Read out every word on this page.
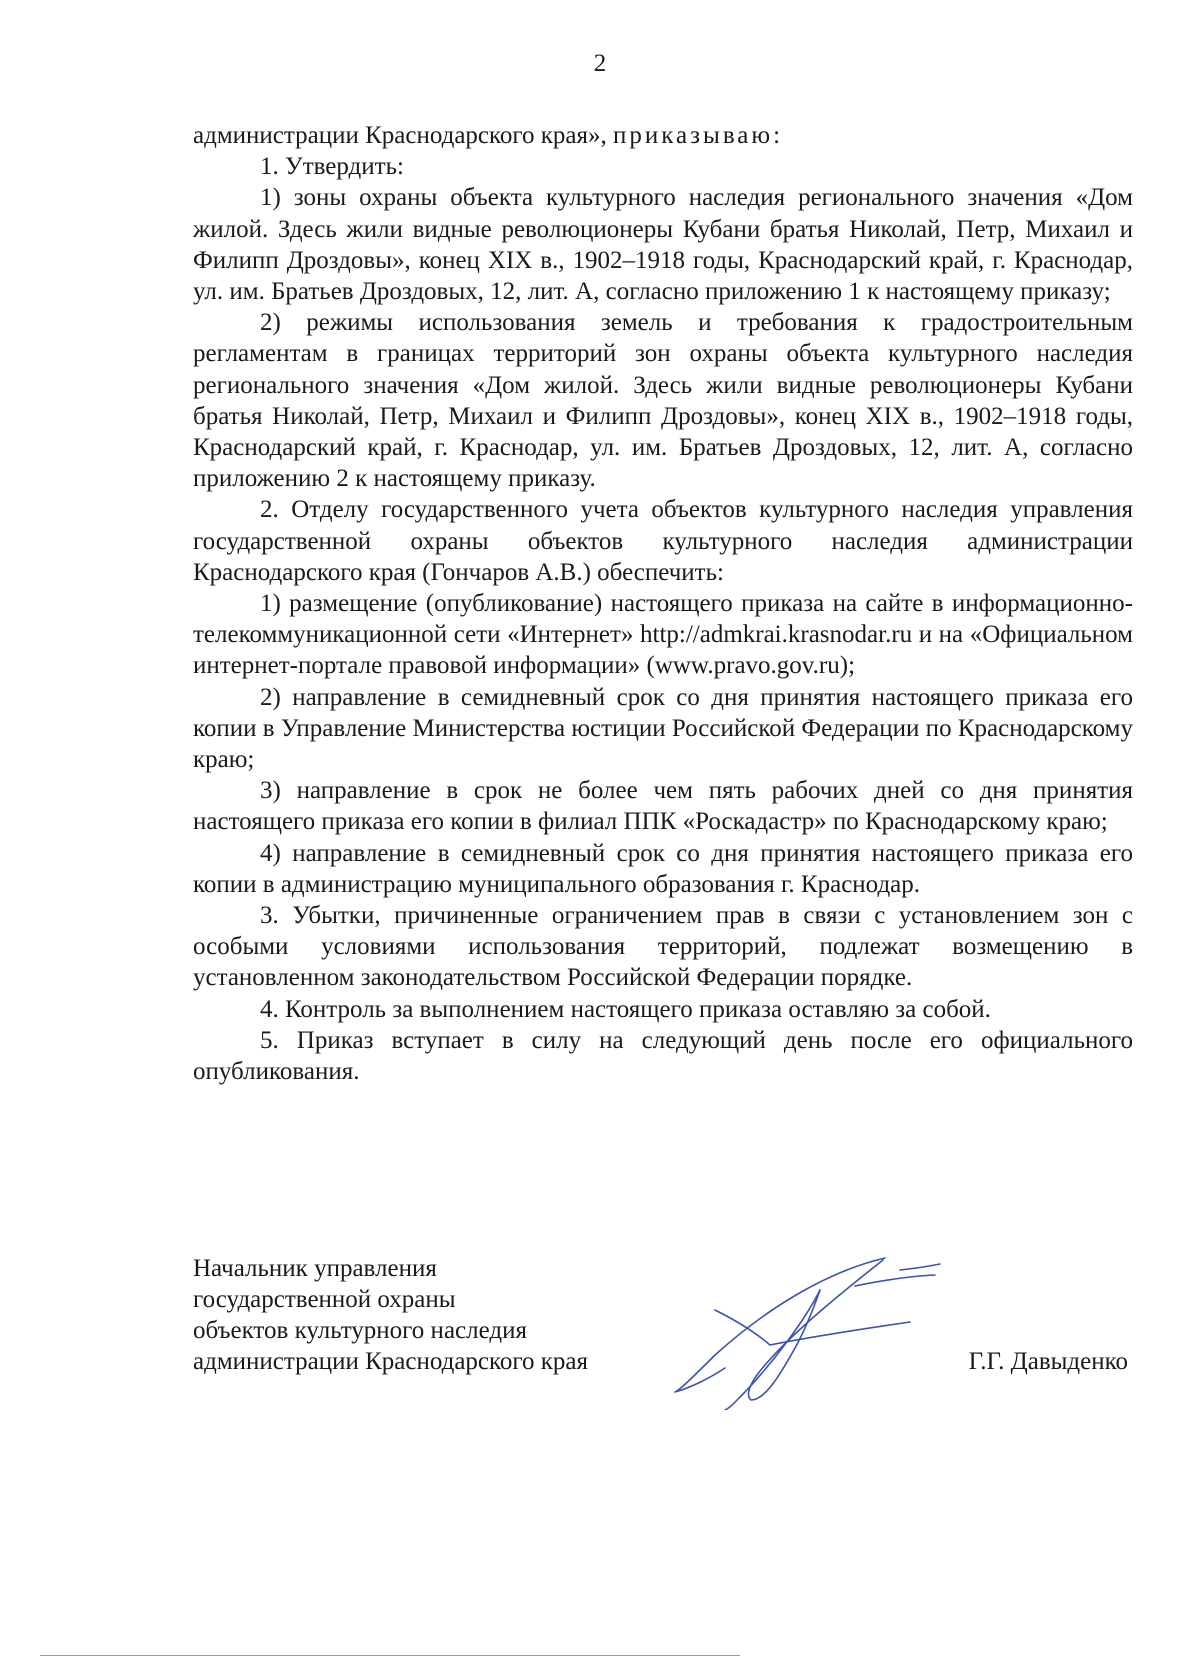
2

администрации Краснодарского края», приказываю:

1. Утвердить:

1) зоны охраны объекта культурного наследия регионального значения «Дом жилой. Здесь жили видные революционеры Кубани братья Николай, Петр, Михаил и Филипп Дроздовы», конец XIX в., 1902–1918 годы, Краснодарский край, г. Краснодар, ул. им. Братьев Дроздовых, 12, лит. А, согласно приложению 1 к настоящему приказу;

2) режимы использования земель и требования к градостроительным регламентам в границах территорий зон охраны объекта культурного наследия регионального значения «Дом жилой. Здесь жили видные революционеры Кубани братья Николай, Петр, Михаил и Филипп Дроздовы», конец XIX в., 1902–1918 годы, Краснодарский край, г. Краснодар, ул. им. Братьев Дроздовых, 12, лит. А, согласно приложению 2 к настоящему приказу.

2. Отделу государственного учета объектов культурного наследия управления государственной охраны объектов культурного наследия администрации Краснодарского края (Гончаров А.В.) обеспечить:

1) размещение (опубликование) настоящего приказа на сайте в информационно-телекоммуникационной сети «Интернет» http://admkrai.krasnodar.ru и на «Официальном интернет-портале правовой информации» (www.pravo.gov.ru);

2) направление в семидневный срок со дня принятия настоящего приказа его копии в Управление Министерства юстиции Российской Федерации по Краснодарскому краю;

3) направление в срок не более чем пять рабочих дней со дня принятия настоящего приказа его копии в филиал ППК «Роскадастр» по Краснодарскому краю;

4) направление в семидневный срок со дня принятия настоящего приказа его копии в администрацию муниципального образования г. Краснодар.

3. Убытки, причиненные ограничением прав в связи с установлением зон с особыми условиями использования территорий, подлежат возмещению в установленном законодательством Российской Федерации порядке.

4. Контроль за выполнением настоящего приказа оставляю за собой.

5. Приказ вступает в силу на следующий день после его официального опубликования.

Начальник управления
государственной охраны
объектов культурного наследия
администрации Краснодарского края	Г.Г. Давыденко
